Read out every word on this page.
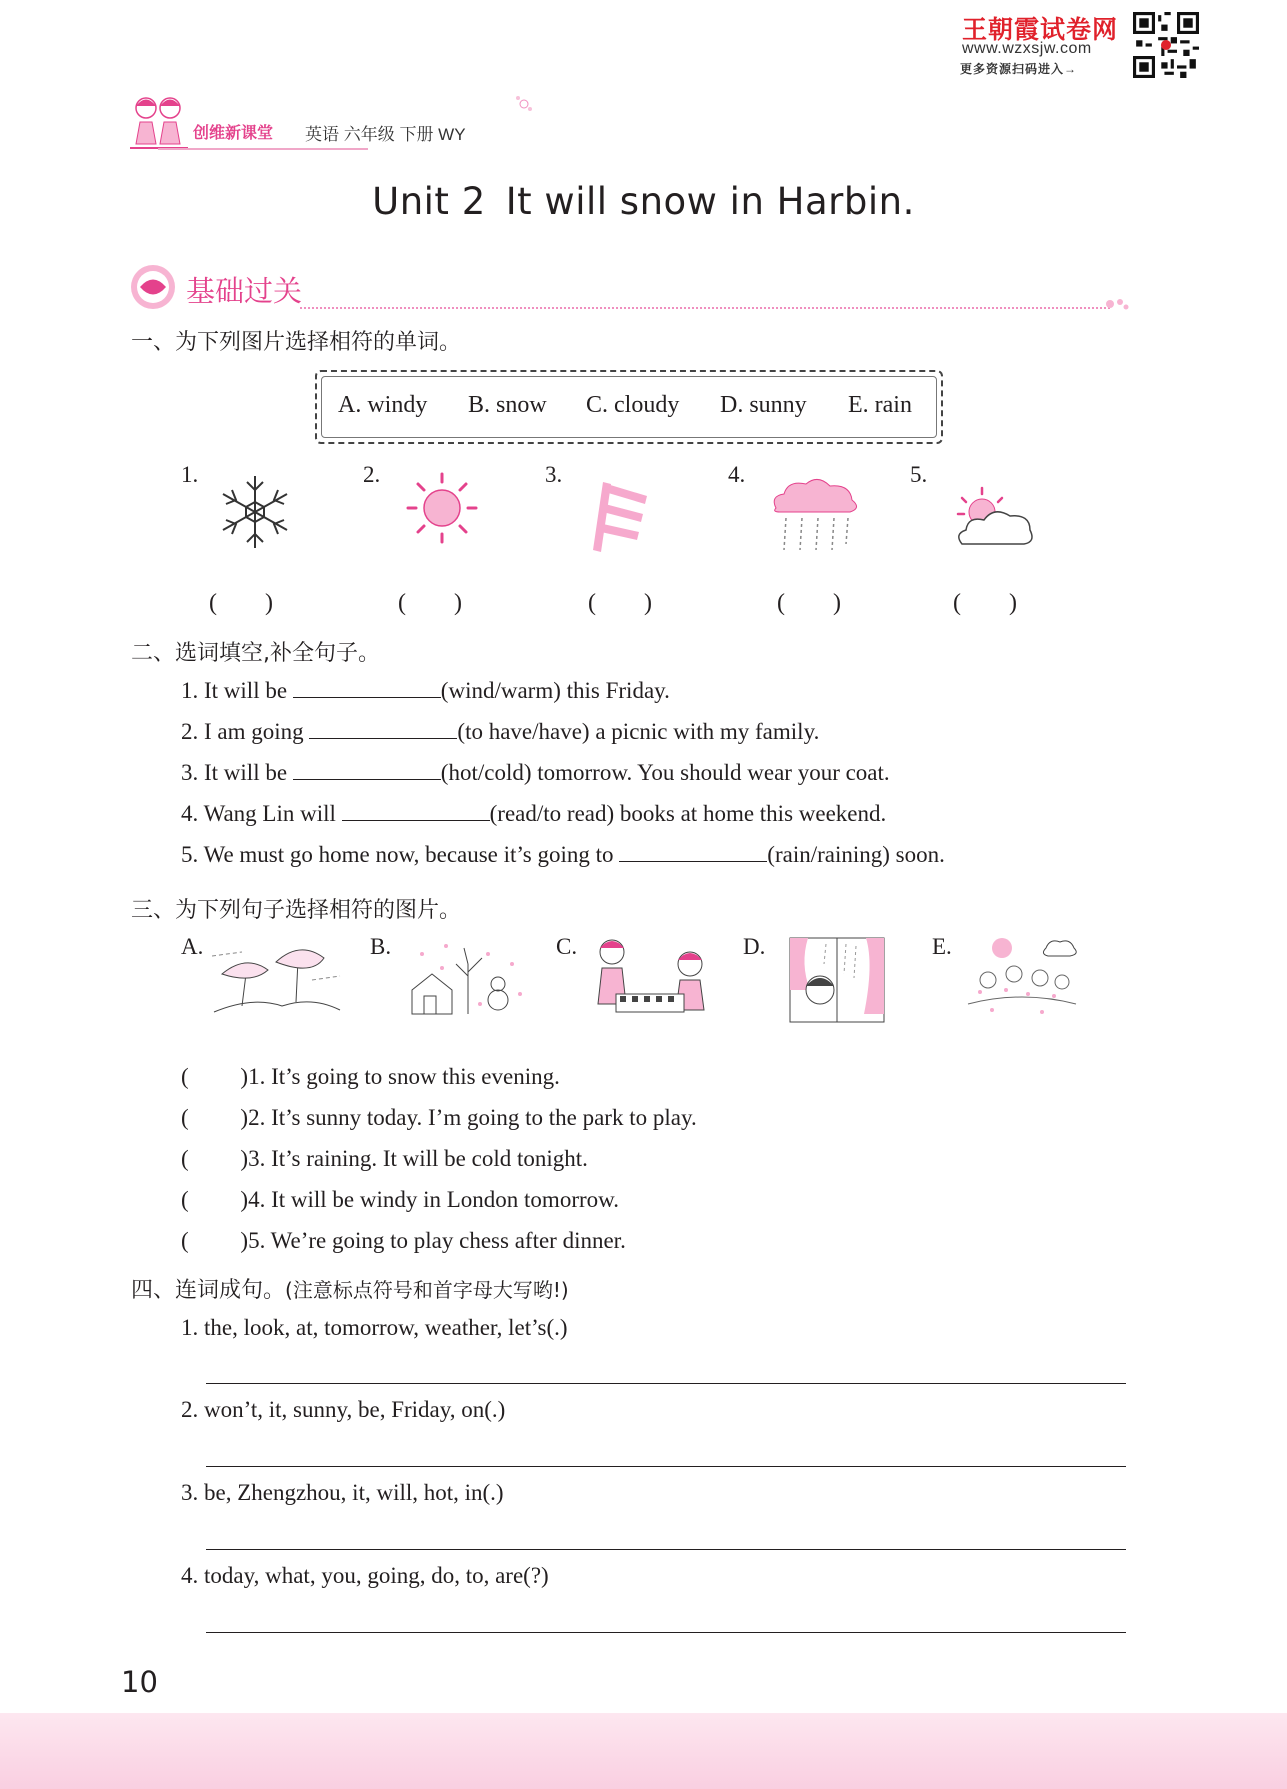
王朝霞试卷网
www.wzxsjw.com
更多资源扫码进入→
创维新课堂 英语 六年级 下册 WY
Unit 2 It will snow in Harbin.
基础过关
一、为下列图片选择相符的单词。
A. windy B. snow C. cloudy D. sunny E. rain
1.	2.	3.	4.	5.
(　　)	(　　)	(　　)	(　　)	(　　)
二、选词填空,补全句子。
1. It will be	(wind/warm) this Friday.
2. I am going	(to have/have) a picnic with my family.
3. It will be	(hot/cold) tomorrow. You should wear your coat.
4. Wang Lin will	(read/to read) books at home this weekend.
5. We must go home now, because it’s going to	(rain/raining) soon.
三、为下列句子选择相符的图片。
A.	B.	C.	D.	E.
(　　 )1. It’s going to snow this evening.
(　　 )2. It’s sunny today. I’m going to the park to play.
(　　 )3. It’s raining. It will be cold tonight.
(　　 )4. It will be windy in London tomorrow.
(　　 )5. We’re going to play chess after dinner.
四、连词成句。(注意标点符号和首字母大写哟!)
1. the, look, at, tomorrow, weather, let’s(.)
2. won’t, it, sunny, be, Friday, on(.)
3. be, Zhengzhou, it, will, hot, in(.)
4. today, what, you, going, do, to, are(?)
10
